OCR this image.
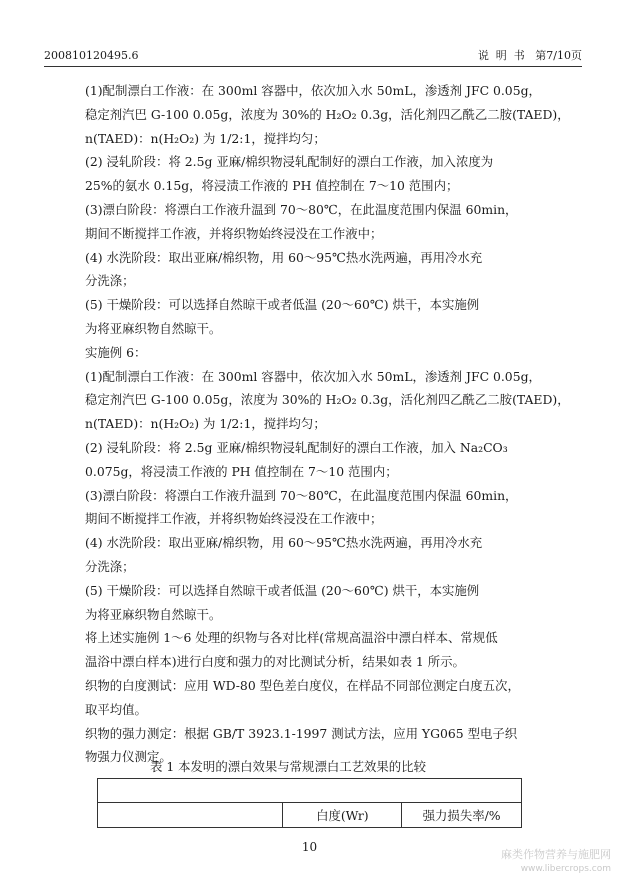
200810120495.6	说  明  书   第7/10页
(1)配制漂白工作液：在 300ml 容器中，依次加入水 50mL，渗透剂 JFC 0.05g，
稳定剂汽巴 G-100 0.05g，浓度为 30%的 H₂O₂ 0.3g，活化剂四乙酰乙二胺(TAED)，
n(TAED)：n(H₂O₂) 为 1/2:1，搅拌均匀；
(2) 浸轧阶段：将 2.5g 亚麻/棉织物浸轧配制好的漂白工作液，加入浓度为
25%的氨水 0.15g，将浸渍工作液的 PH 值控制在 7～10 范围内；
(3)漂白阶段：将漂白工作液升温到 70～80℃，在此温度范围内保温 60min，
期间不断搅拌工作液，并将织物始终浸没在工作液中；
(4) 水洗阶段：取出亚麻/棉织物，用 60～95℃热水洗两遍，再用冷水充
分洗涤；
(5) 干燥阶段：可以选择自然晾干或者低温 (20～60℃) 烘干，本实施例
为将亚麻织物自然晾干。
实施例 6：
(1)配制漂白工作液：在 300ml 容器中，依次加入水 50mL，渗透剂 JFC 0.05g，
稳定剂汽巴 G-100 0.05g，浓度为 30%的 H₂O₂ 0.3g，活化剂四乙酰乙二胺(TAED)，
n(TAED)：n(H₂O₂) 为 1/2:1，搅拌均匀；
(2) 浸轧阶段：将 2.5g 亚麻/棉织物浸轧配制好的漂白工作液，加入 Na₂CO₃
0.075g，将浸渍工作液的 PH 值控制在 7～10 范围内；
(3)漂白阶段：将漂白工作液升温到 70～80℃，在此温度范围内保温 60min，
期间不断搅拌工作液，并将织物始终浸没在工作液中；
(4) 水洗阶段：取出亚麻/棉织物，用 60～95℃热水洗两遍，再用冷水充
分洗涤；
(5) 干燥阶段：可以选择自然晾干或者低温 (20～60℃) 烘干，本实施例
为将亚麻织物自然晾干。
将上述实施例 1～6 处理的织物与各对比样(常规高温浴中漂白样本、常规低
温浴中漂白样本)进行白度和强力的对比测试分析，结果如表 1 所示。
织物的白度测试：应用 WD-80 型色差白度仪，在样品不同部位测定白度五次，
取平均值。
织物的强力测定：根据 GB/T 3923.1-1997 测试方法，应用 YG065 型电子织
物强力仪测定。
表 1 本发明的漂白效果与常规漂白工艺效果的比较

	白度(Wr)	强力损失率/%
10
麻类作物营养与施肥网
www.libercrops.com
